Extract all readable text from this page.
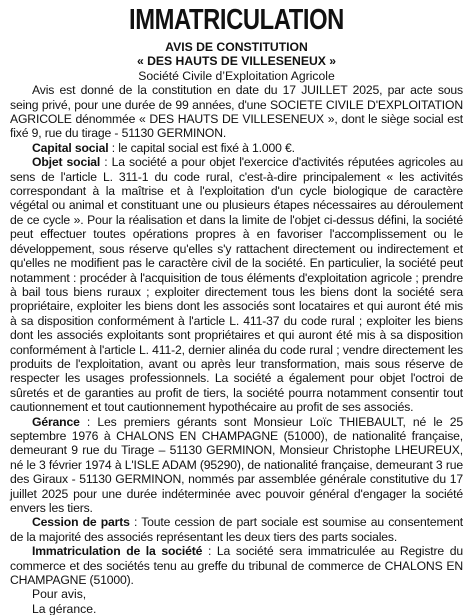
IMMATRICULATION
AVIS DE CONSTITUTION
« DES HAUTS DE VILLESENEUX »
Société Civile d’Exploitation Agricole

Avis est donné de la constitution en date du 17 JUILLET 2025, par acte sous seing privé, pour une durée de 99 années, d'une SOCIETE CIVILE D'EXPLOITATION AGRICOLE dénommée « DES HAUTS DE VILLESENEUX », dont le siège social est fixé 9, rue du tirage - 51130 GERMINON.

Capital social : le capital social est fixé à 1.000 €.

Objet social : La société a pour objet l'exercice d'activités réputées agricoles au sens de l'article L. 311-1 du code rural, c'est-à-dire principalement « les activités correspondant à la maîtrise et à l'exploitation d'un cycle biologique de caractère végétal ou animal et constituant une ou plusieurs étapes nécessaires au déroulement de ce cycle ». Pour la réalisation et dans la limite de l'objet ci-dessus défini, la société peut effectuer toutes opérations propres à en favoriser l'accomplissement ou le développement, sous réserve qu'elles s'y rattachent directement ou indirectement et qu'elles ne modifient pas le caractère civil de la société. En particulier, la société peut notamment : procéder à l'acquisition de tous éléments d'exploitation agricole ; prendre à bail tous biens ruraux ; exploiter directement tous les biens dont la société sera propriétaire, exploiter les biens dont les associés sont locataires et qui auront été mis à sa disposition conformément à l'article L. 411-37 du code rural ; exploiter les biens dont les associés exploitants sont propriétaires et qui auront été mis à sa disposition conformément à l'article L. 411-2, dernier alinéa du code rural ; vendre directement les produits de l'exploitation, avant ou après leur transformation, mais sous réserve de respecter les usages professionnels. La société a également pour objet l'octroi de sûretés et de garanties au profit de tiers, la société pourra notamment consentir tout cautionnement et tout cautionnement hypothécaire au profit de ses associés.

Gérance : Les premiers gérants sont Monsieur Loïc THIEBAULT, né le 25 septembre 1976 à CHALONS EN CHAMPAGNE (51000), de nationalité française, demeurant 9 rue du Tirage – 51130 GERMINON, Monsieur Christophe LHEUREUX, né le 3 février 1974 à L'ISLE ADAM (95290), de nationalité française, demeurant 3 rue des Giraux - 51130 GERMINON, nommés par assemblée générale constitutive du 17 juillet 2025 pour une durée indéterminée avec pouvoir général d'engager la société envers les tiers.

Cession de parts : Toute cession de part sociale est soumise au consentement de la majorité des associés représentant les deux tiers des parts sociales.

Immatriculation de la société : La société sera immatriculée au Registre du commerce et des sociétés tenu au greffe du tribunal de commerce de CHALONS EN CHAMPAGNE (51000).

Pour avis,

La gérance.
